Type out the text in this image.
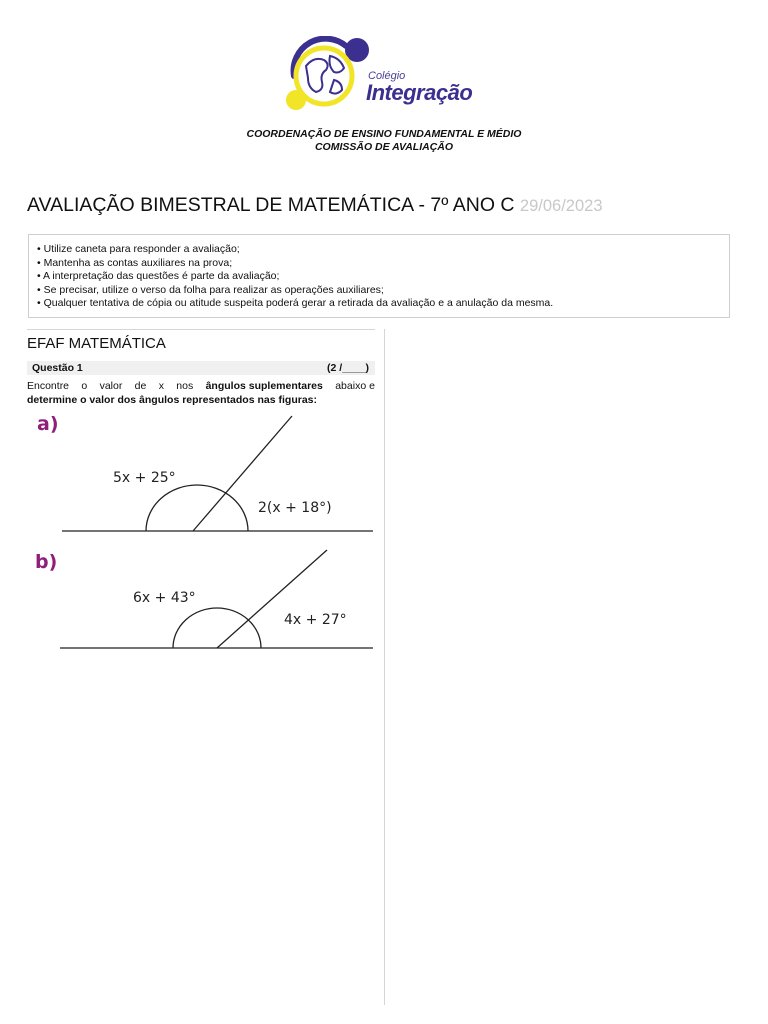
Colégio
Integração
COORDENAÇÃO DE ENSINO FUNDAMENTAL E MÉDIO
COMISSÃO DE AVALIAÇÃO
AVALIAÇÃO BIMESTRAL DE MATEMÁTICA - 7º ANO C 29/06/2023
• Utilize caneta para responder a avaliação;
• Mantenha as contas auxiliares na prova;
• A interpretação das questões é parte da avaliação;
• Se precisar, utilize o verso da folha para realizar as operações auxiliares;
• Qualquer tentativa de cópia ou atitude suspeita poderá gerar a retirada da avaliação e a anulação da mesma.
EFAF MATEMÁTICA
Questão 1	(2 /____)
Encontre o valor de x nos ângulos suplementares abaixo e
determine o valor dos ângulos representados nas figuras:
a)
5x + 25°
2(x + 18°)
b)
6x + 43°
4x + 27°
